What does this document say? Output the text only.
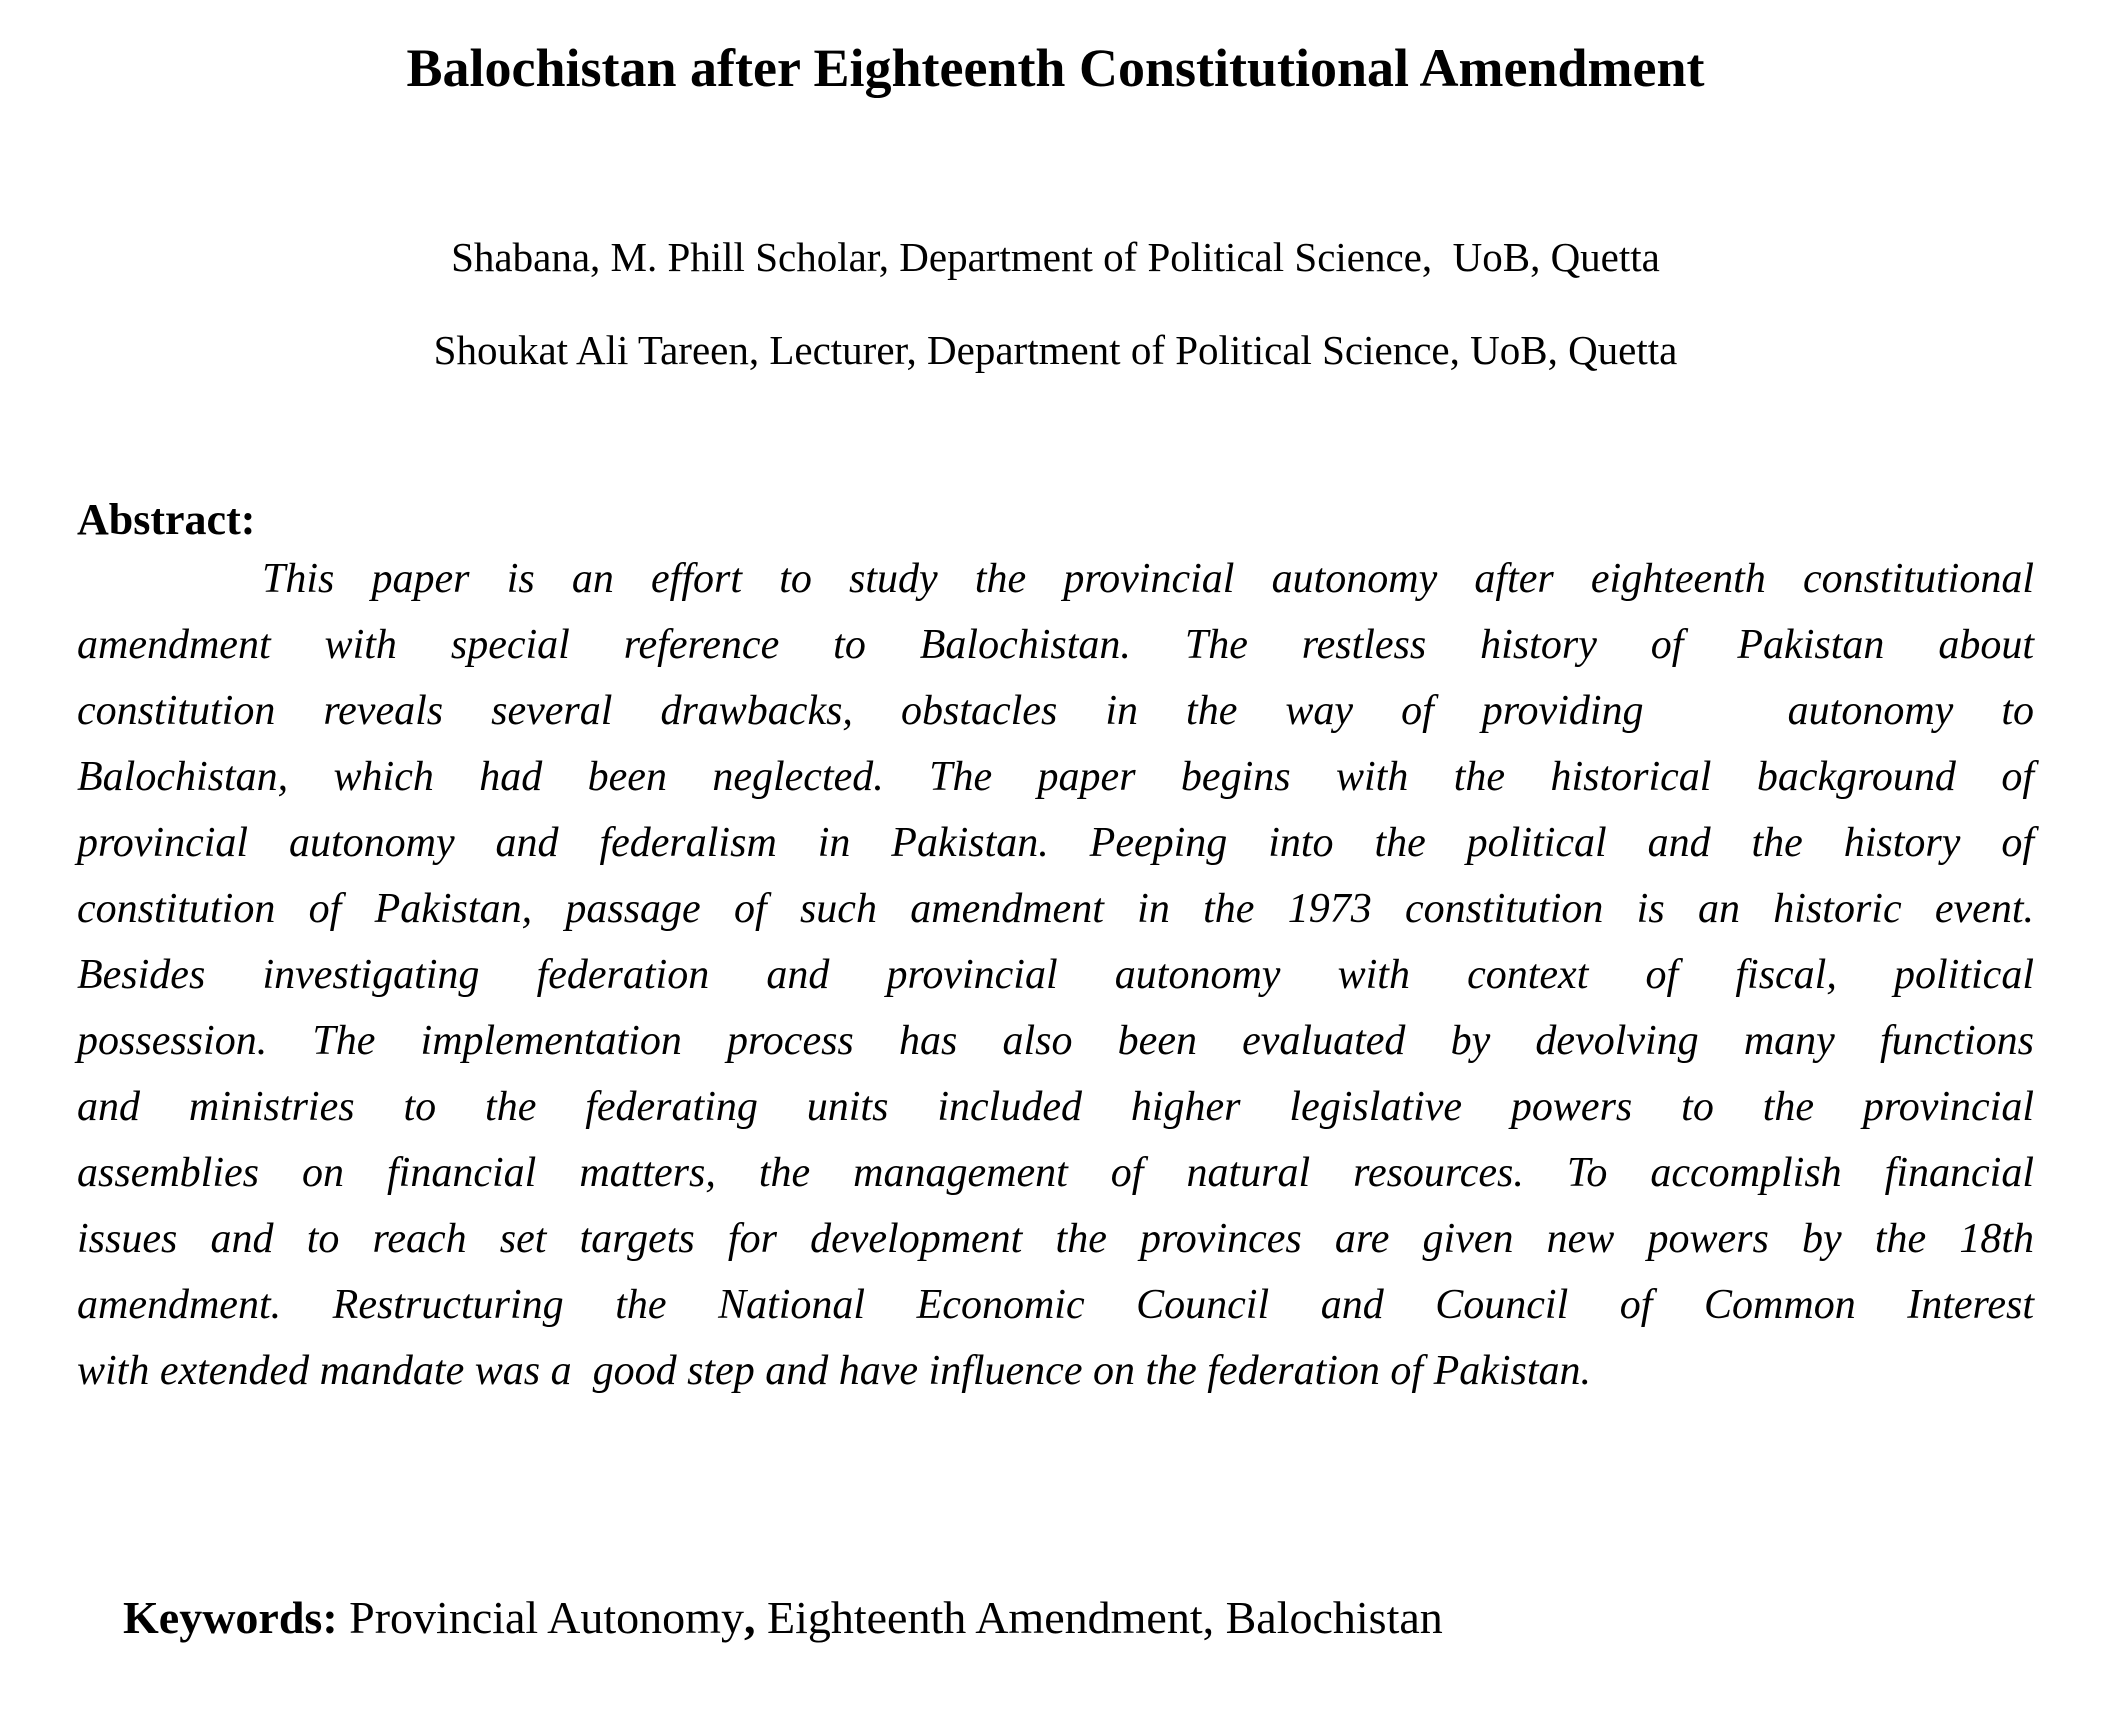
Balochistan after Eighteenth Constitutional Amendment
Shabana, M. Phill Scholar, Department of Political Science,  UoB, Quetta
Shoukat Ali Tareen, Lecturer, Department of Political Science, UoB, Quetta
Abstract:
This paper is an effort to study the provincial autonomy after eighteenth constitutional
amendment with special reference to Balochistan. The restless history of Pakistan about
constitution reveals several drawbacks, obstacles in the way of providing   autonomy to
Balochistan, which had been neglected. The paper begins with the historical background of
provincial autonomy and federalism in Pakistan. Peeping into the political and the history of
constitution of Pakistan, passage of such amendment in the 1973 constitution is an historic event.
Besides investigating federation and provincial autonomy with context of fiscal, political
possession. The implementation process has also been evaluated by devolving many functions
and ministries to the federating units included higher legislative powers to the provincial
assemblies on financial matters, the management of natural resources. To accomplish financial
issues and to reach set targets for development the provinces are given new powers by the 18th
amendment. Restructuring the National Economic Council and Council of Common Interest
with extended mandate was a  good step and have influence on the federation of Pakistan.

Keywords: Provincial Autonomy, Eighteenth Amendment, Balochistan
